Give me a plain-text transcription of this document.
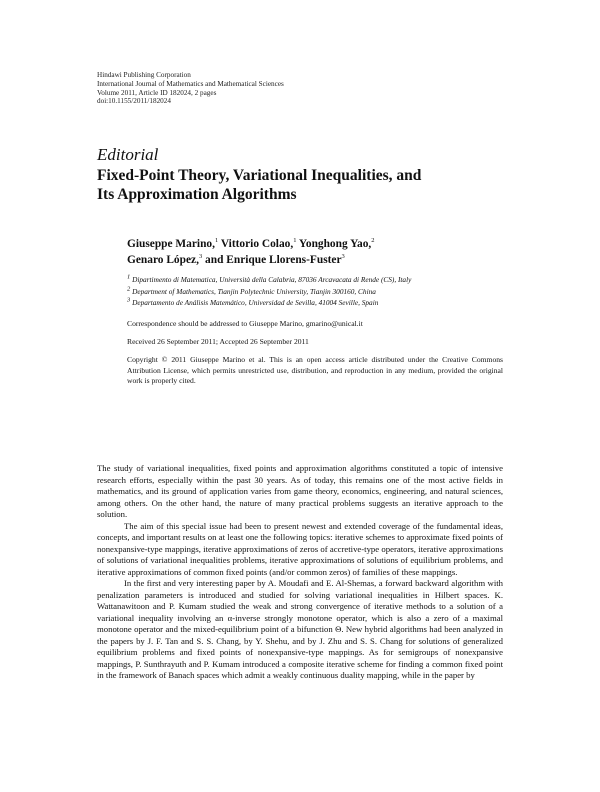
Hindawi Publishing Corporation
International Journal of Mathematics and Mathematical Sciences
Volume 2011, Article ID 182024, 2 pages
doi:10.1155/2011/182024
Editorial
Fixed-Point Theory, Variational Inequalities, and
Its Approximation Algorithms
Giuseppe Marino,$^1$ Vittorio Colao,$^1$ Yonghong Yao,$^2$
Genaro López,$^3$ and Enrique Llorens-Fuster$^3$
$^1$ Dipartimento di Matematica, Università della Calabria, 87036 Arcavacata di Rende (CS), Italy
$^2$ Department of Mathematics, Tianjin Polytechnic University, Tianjin 300160, China
$^3$ Departamento de Análisis Matemático, Universidad de Sevilla, 41004 Seville, Spain
Correspondence should be addressed to Giuseppe Marino, gmarino@unical.it
Received 26 September 2011; Accepted 26 September 2011
Copyright © 2011 Giuseppe Marino et al. This is an open access article distributed under the Creative Commons Attribution License, which permits unrestricted use, distribution, and reproduction in any medium, provided the original work is properly cited.

The study of variational inequalities, fixed points and approximation algorithms constituted a topic of intensive research efforts, especially within the past 30 years. As of today, this remains one of the most active fields in mathematics, and its ground of application varies from game theory, economics, engineering, and natural sciences, among others. On the other hand, the nature of many practical problems suggests an iterative approach to the solution.

The aim of this special issue had been to present newest and extended coverage of the fundamental ideas, concepts, and important results on at least one the following topics: iterative schemes to approximate fixed points of nonexpansive-type mappings, iterative approximations of zeros of accretive-type operators, iterative approximations of solutions of variational inequalities problems, iterative approximations of solutions of equilibrium problems, and iterative approximations of common fixed points (and/or common zeros) of families of these mappings.

In the first and very interesting paper by A. Moudafi and E. Al-Shemas, a forward backward algorithm with penalization parameters is introduced and studied for solving variational inequalities in Hilbert spaces. K. Wattanawitoon and P. Kumam studied the weak and strong convergence of iterative methods to a solution of a variational inequality involving an α-inverse strongly monotone operator, which is also a zero of a maximal monotone operator and the mixed-equilibrium point of a bifunction Θ. New hybrid algorithms had been analyzed in the papers by J. F. Tan and S. S. Chang, by Y. Shehu, and by J. Zhu and S. S. Chang for solutions of generalized equilibrium problems and fixed points of nonexpansive-type mappings. As for semigroups of nonexpansive mappings, P. Sunthrayuth and P. Kumam introduced a composite iterative scheme for finding a common fixed point in the framework of Banach spaces which admit a weakly continuous duality mapping, while in the paper by
